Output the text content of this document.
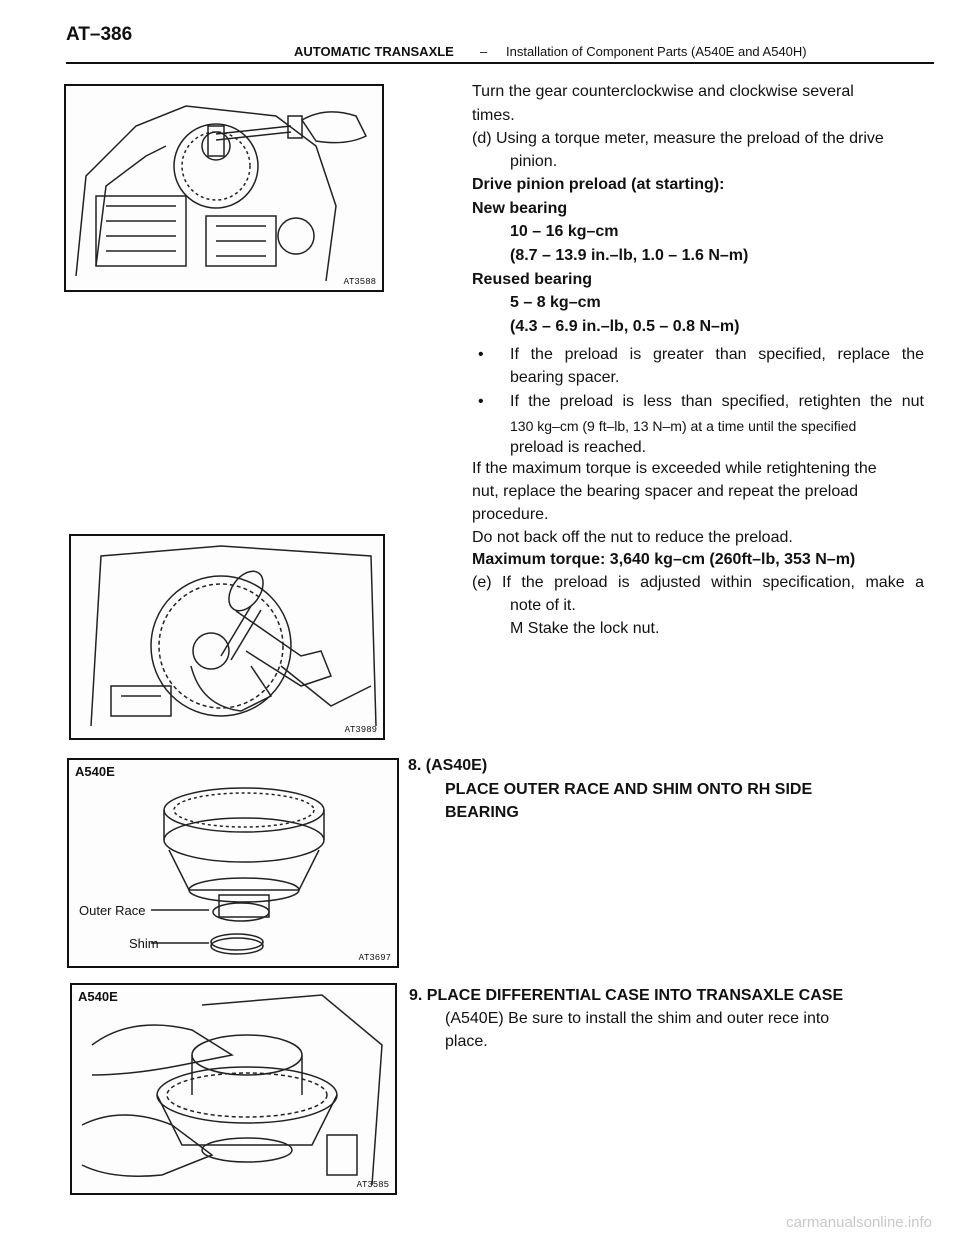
AT–386
AUTOMATIC TRANSAXLE – Installation of Component Parts (A540E and A540H)
AT3588
AT3989
A540E
Outer Race
Shim
AT3697
A540E
AT3585
Turn the gear counterclockwise and clockwise several
times.
(d) Using a torque meter, measure the preload of the drive
pinion.
Drive pinion preload (at starting):
New bearing
10 – 16 kg–cm
(8.7 – 13.9 in.–lb, 1.0 – 1.6 N–m)
Reused bearing
5 – 8 kg–cm
(4.3 – 6.9 in.–lb, 0.5 – 0.8 N–m)
• If the preload is greater than specified, replace the
bearing spacer.
• If the preload is less than specified, retighten the nut
130 kg–cm (9 ft–lb, 13 N–m) at a time until the specified
preload is reached.
If the maximum torque is exceeded while retightening the
nut, replace the bearing spacer and repeat the preload
procedure.
Do not back off the nut to reduce the preload.
Maximum torque: 3,640 kg–cm (260ft–lb, 353 N–m)
(e) If the preload is adjusted within specification, make a
note of it.
M Stake the lock nut.
8. (AS40E)
PLACE OUTER RACE AND SHIM ONTO RH SIDE
BEARING
9. PLACE DIFFERENTIAL CASE INTO TRANSAXLE CASE
(A540E) Be sure to install the shim and outer rece into
place.
carmanualsonline.info
